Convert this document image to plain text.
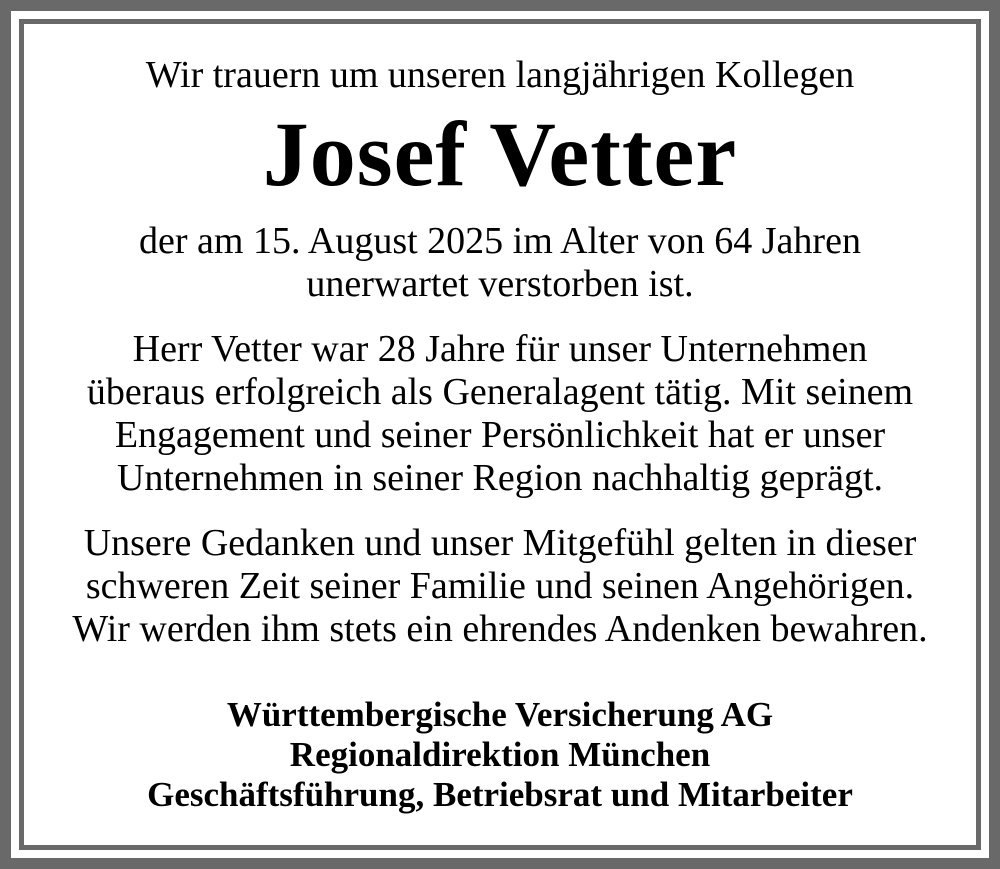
Wir trauern um unseren langjährigen Kollegen

Josef Vetter
der am 15. August 2025 im Alter von 64 Jahren
unerwartet verstorben ist.
Herr Vetter war 28 Jahre für unser Unternehmen
überaus erfolgreich als Generalagent tätig. Mit seinem
Engagement und seiner Persönlichkeit hat er unser
Unternehmen in seiner Region nachhaltig geprägt.
Unsere Gedanken und unser Mitgefühl gelten in dieser
schweren Zeit seiner Familie und seinen Angehörigen.
Wir werden ihm stets ein ehrendes Andenken bewahren.
Württembergische Versicherung AG
Regionaldirektion München
Geschäftsführung, Betriebsrat und Mitarbeiter
